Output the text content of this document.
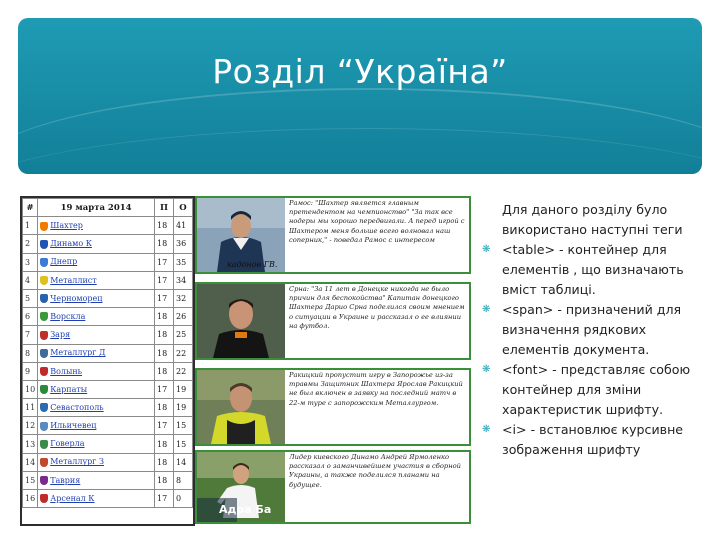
Розділ “Україна”
#	19 марта 2014	П	О
1	Шахтер	18	41
2	Динамо К	18	36
3	Днепр	17	35
4	Металлист	17	34
5	Черноморец	17	32
6	Ворскла	18	26
7	Заря	18	25
8	Металлург Д	18	22
9	Волынь	18	22
10	Карпаты	17	19
11	Севастополь	18	19
12	Ильичевец	17	15
13	Говерла	18	15
14	Металлург З	18	14
15	Таврия	18	8
16	Арсенал К	17	0
Рамос: "Шахтер является главным претендентом на чемпионство" "За так все нодеры мы хорошо передвигали. А перед игрой с Шахтером меня больше всего волновал наш соперник," - поведал Рамос с интересом
кадонов ГВ.
Срна: "За 11 лет в Донецке никогда не было причин для беспокойства" Капитан донецкого Шахтера Дарио Срна поделился своим мнением о ситуации в Украине и рассказал о ее влиянии на футбол.
Ракицкий пропустит игру в Запорожье из-за травмы Защитник Шахтера Ярослав Ракицкий не был включен в заявку на последний матч в 22-м туре с запорожским Металлургом.
Адра Ба
Лидер киевского Динамо Андрей Ярмоленко рассказал о заманчивейшем участия в сборной Украины, а также поделился планами на будущее.
Для даного розділу було використано наступні теги
❋ <table> - контейнер для елементів , що визначають вміст таблиці.
❋ <span> - призначений для визначення рядкових елементів документа.
❋ <font> - представляє собою контейнер для зміни характеристик шрифту.
❋ <i> - встановлює курсивне зображення шрифту
